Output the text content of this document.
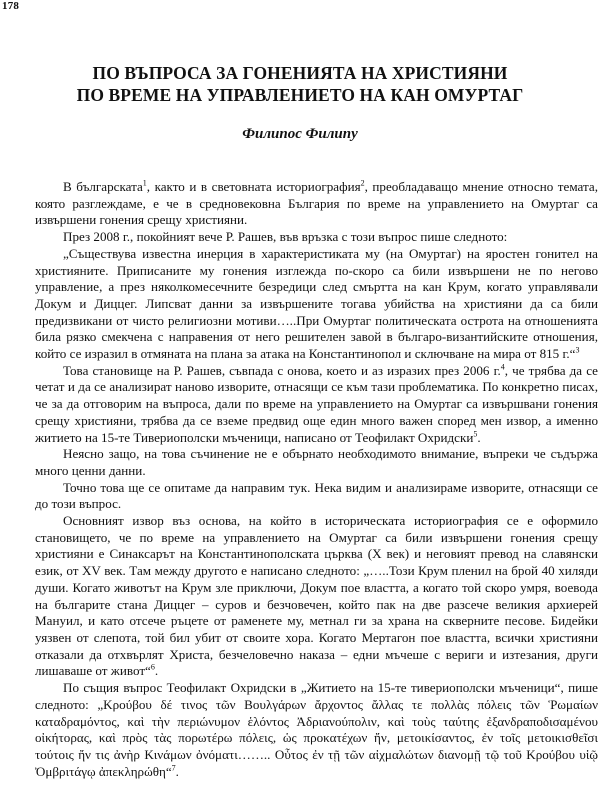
178
ПО ВЪПРОСА ЗА ГОНЕНИЯТА НА ХРИСТИЯНИ
ПО ВРЕМЕ НА УПРАВЛЕНИЕТО НА КАН ОМУРТАГ
Филипос Филипу

В българската$^1$, както и в световната историография$^2$, преобладаващо мнение относно темата, която разглеждаме, е че в средновековна България по време на управлението на Омуртаг са извършени гонения срещу християни.

През 2008 г., покойният вече Р. Рашев, във връзка с този въпрос пише следното:

„Съществува известна инерция в характеристиката му (на Омуртаг) на яростен гонител на християните. Приписаните му гонения изглежда по-скоро са били извършени не по негово управление, а през няколкомесечните безредици след смъртта на кан Крум, когато управлявали Докум и Диццег. Липсват данни за извършените тогава убийства на християни да са били предизвикани от чисто религиозни мотиви…..При Омуртаг политическата острота на отношенията била рязко смекчена с направения от него решителен завой в българо-византийските отношения, който се изразил в отмяната на плана за атака на Константинопол и сключване на мира от 815 г.“$^3$

Това становище на Р. Рашев, съвпада с онова, което и аз изразих през 2006 г.$^4$, че трябва да се четат и да се анализират наново изворите, отнасящи се към тази проблематика. По конкретно писах, че за да отговорим на въпроса, дали по време на управлението на Омуртаг са извършвани гонения срещу християни, трябва да се вземе предвид още един много важен според мен извор, а именно житието на 15-те Тивериополски мъченици, написано от Теофилакт Охридски$^5$.

Неясно защо, на това съчинение не е обърнато необходимото внимание, въпреки че съдържа много ценни данни.

Точно това ще се опитаме да направим тук. Нека видим и анализираме изворите, отнасящи се до този въпрос.

Основният извор въз основа, на който в историческата историография се е оформило становището, че по време на управлението на Омуртаг са били извършени гонения срещу християни е Синаксарът на Константинополската църква (X век) и неговият превод на славянски език, от XV век. Там между другото е написано следното: „…..Този Крум пленил на брой 40 хиляди души. Когато животът на Крум зле приключи, Докум пое властта, а когато той скоро умря, воевода на българите стана Диццег – суров и безчовечен, който пак на две разсече великия архиерей Мануил, и като отсече ръцете от раменете му, метнал ги за храна на скверните песове. Бидейки уязвен от слепота, той бил убит от своите хора. Когато Мертагон пое властта, всички християни отказали да отхвърлят Христа, безчеловечно наказа – едни мъчеше с вериги и изтезания, други лишаваше от живот“$^6$.

По същия въпрос Теофилакт Охридски в „Житието на 15-те тивериополски мъченици“, пише следното: „Κρούβου δέ τινος τῶν Βουλγάρων ἄρχοντος ἄλλας τε πολλὰς πόλεις τῶν Ῥωμαίων καταδραμόντος, καὶ τὴν περιώνυμον ἑλόντος Ἀδριανούπολιν, καὶ τοὺς ταύτης ἐξανδραποδισαμένου οἰκήτορας, καὶ πρὸς τὰς πορωτέρω πόλεις, ὡς προκατέχων ἤν, μετοικίσαντος, ἐν τοῖς μετοικισθεῖσι τούτοις ἤν τις ἀνὴρ Κινάμων ὀνόματι…….. Οὗτος ἐν τῇ τῶν αἰχμαλώτων διανομῇ τῷ τοῦ Κρούβου υἱῷ Ὀμβριτάγῳ ἀπεκληρώθη“$^7$.
